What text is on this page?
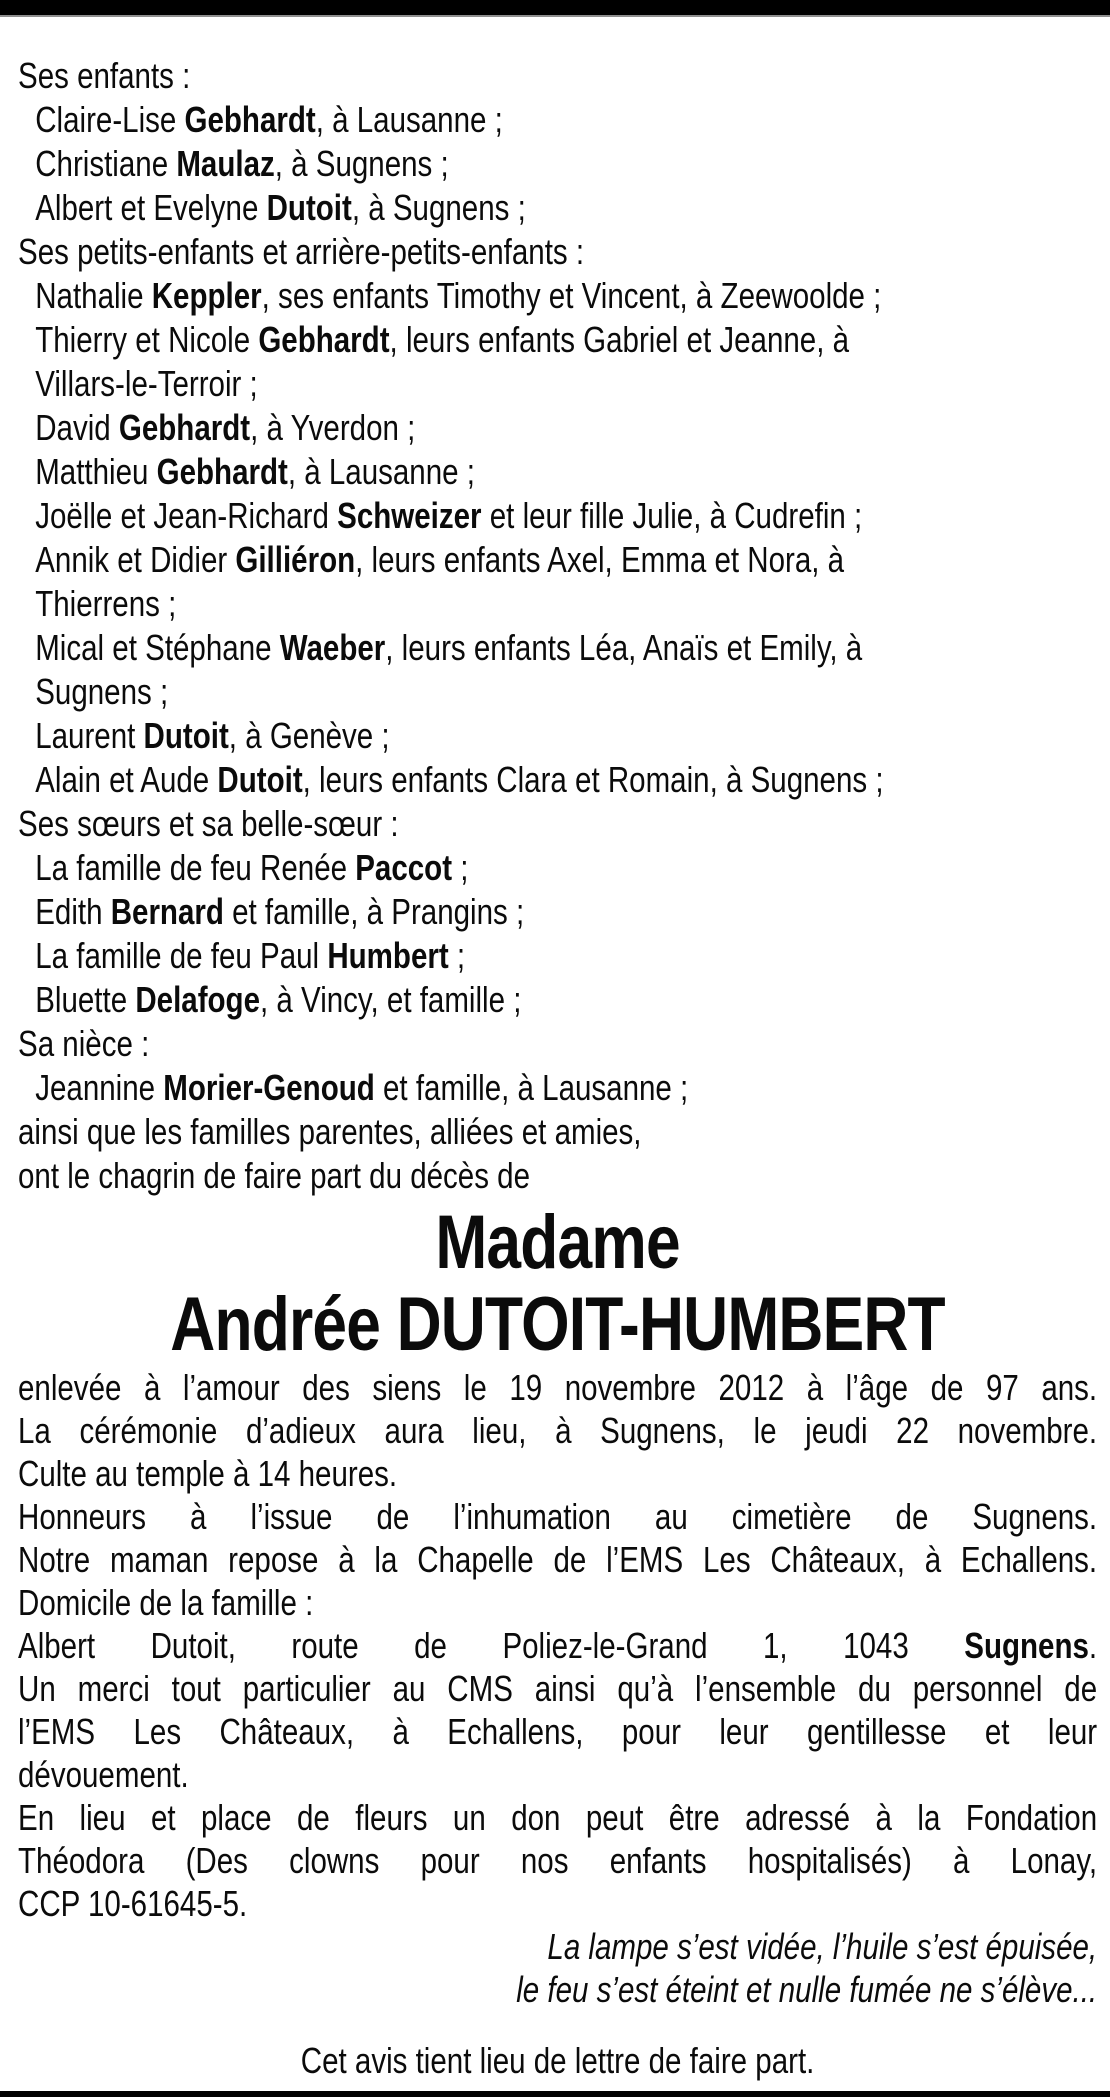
Ses enfants :
Claire-Lise Gebhardt, à Lausanne ;
Christiane Maulaz, à Sugnens ;
Albert et Evelyne Dutoit, à Sugnens ;
Ses petits-enfants et arrière-petits-enfants :
Nathalie Keppler, ses enfants Timothy et Vincent, à Zeewoolde ;
Thierry et Nicole Gebhardt, leurs enfants Gabriel et Jeanne, à
Villars-le-Terroir ;
David Gebhardt, à Yverdon ;
Matthieu Gebhardt, à Lausanne ;
Joëlle et Jean-Richard Schweizer et leur fille Julie, à Cudrefin ;
Annik et Didier Gilliéron, leurs enfants Axel, Emma et Nora, à
Thierrens ;
Mical et Stéphane Waeber, leurs enfants Léa, Anaïs et Emily, à
Sugnens ;
Laurent Dutoit, à Genève ;
Alain et Aude Dutoit, leurs enfants Clara et Romain, à Sugnens ;
Ses sœurs et sa belle-sœur :
La famille de feu Renée Paccot ;
Edith Bernard et famille, à Prangins ;
La famille de feu Paul Humbert ;
Bluette Delafoge, à Vincy, et famille ;
Sa nièce :
Jeannine Morier-Genoud et famille, à Lausanne ;
ainsi que les familles parentes, alliées et amies,
ont le chagrin de faire part du décès de
Madame
Andrée DUTOIT-HUMBERT
enlevée à l’amour des siens le 19 novembre 2012 à l’âge de 97 ans.
La cérémonie d’adieux aura lieu, à Sugnens, le jeudi 22 novembre.
Culte au temple à 14 heures.
Honneurs à l’issue de l’inhumation au cimetière de Sugnens.
Notre maman repose à la Chapelle de l’EMS Les Châteaux, à Echallens.
Domicile de la famille :
Albert Dutoit, route de Poliez-le-Grand 1, 1043 Sugnens.
Un merci tout particulier au CMS ainsi qu’à l’ensemble du personnel de
l’EMS Les Châteaux, à Echallens, pour leur gentillesse et leur
dévouement.
En lieu et place de fleurs un don peut être adressé à la Fondation
Théodora (Des clowns pour nos enfants hospitalisés) à Lonay,
CCP 10-61645-5.
La lampe s’est vidée, l’huile s’est épuisée,
le feu s’est éteint et nulle fumée ne s’élève...
Cet avis tient lieu de lettre de faire part.
